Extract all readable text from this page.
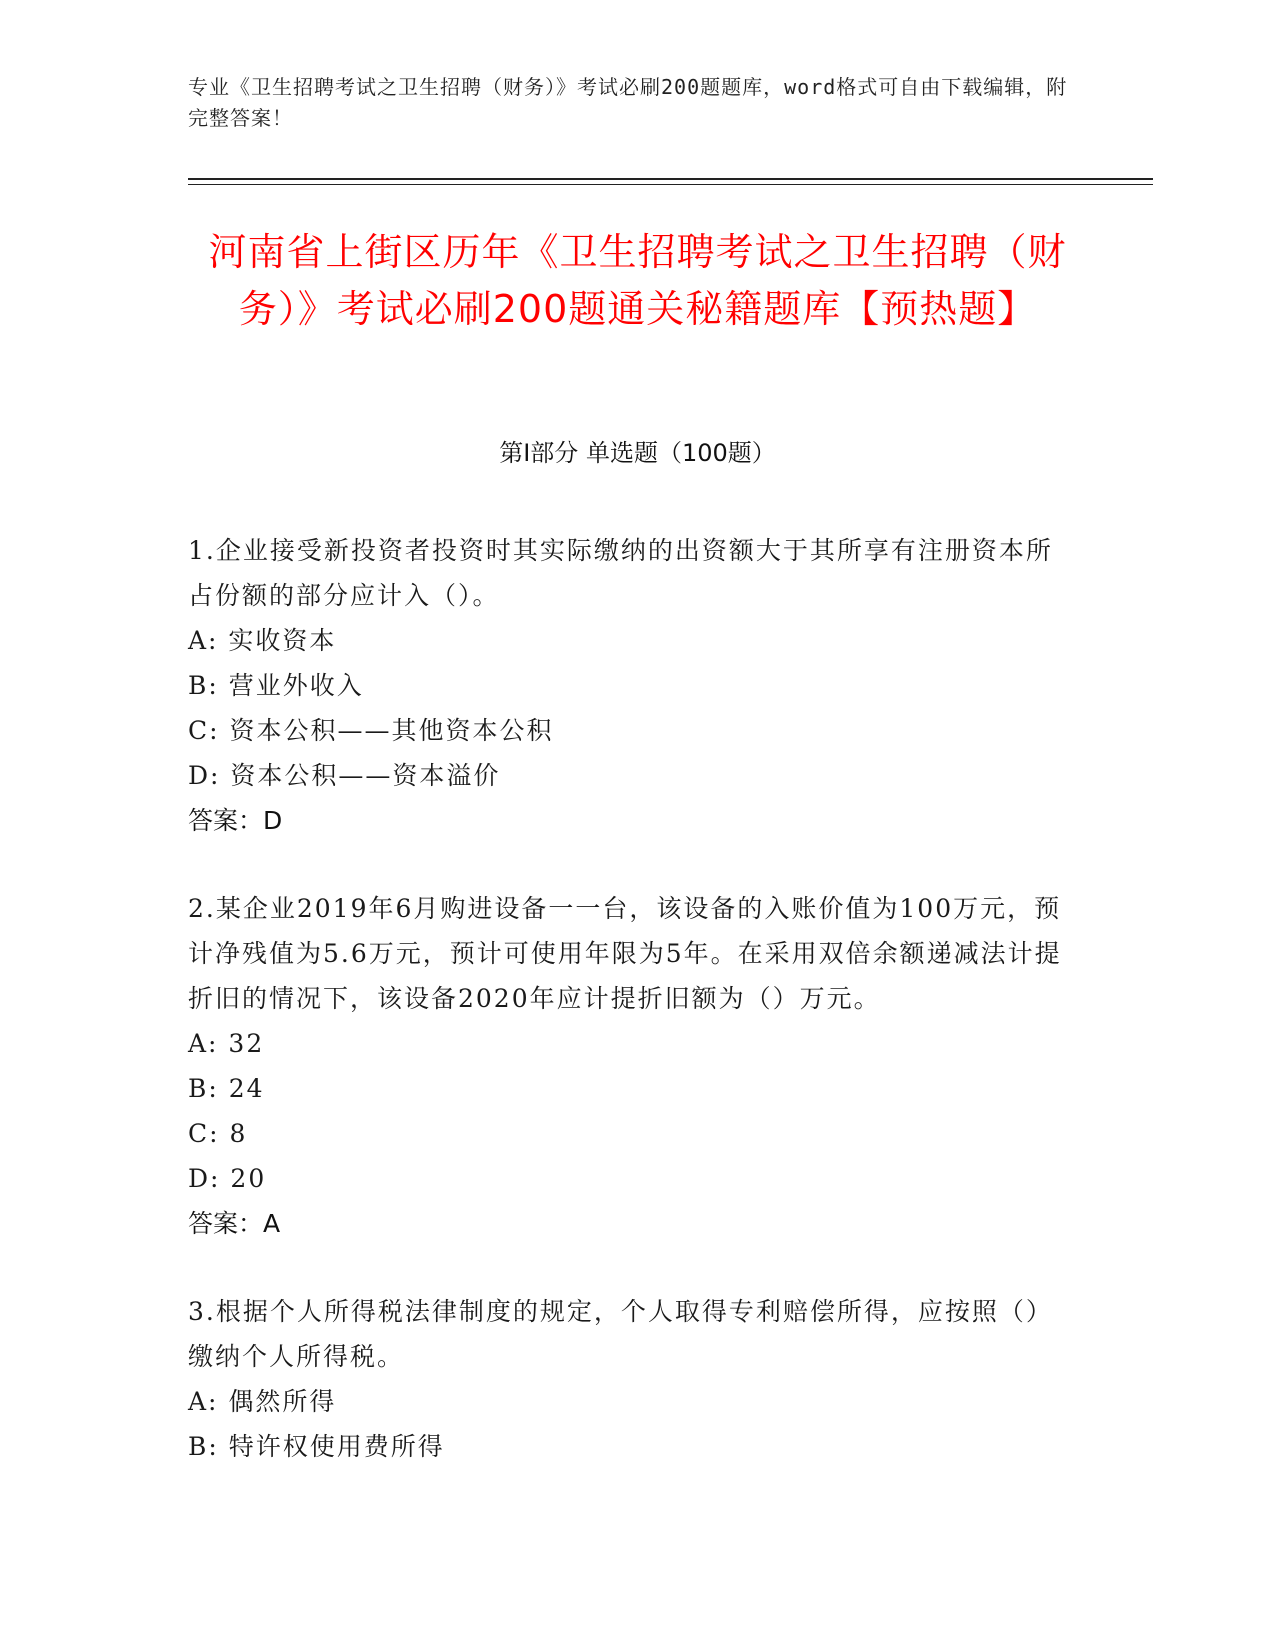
专业《卫生招聘考试之卫生招聘（财务）》考试必刷200题题库，word格式可自由下载编辑，附完整答案！
河南省上街区历年《卫生招聘考试之卫生招聘（财务）》考试必刷200题通关秘籍题库【预热题】
第I部分 单选题（100题）
1.企业接受新投资者投资时其实际缴纳的出资额大于其所享有注册资本所占份额的部分应计入（）。
A: 实收资本
B: 营业外收入
C: 资本公积——其他资本公积
D: 资本公积——资本溢价
答案：D
2.某企业2019年6月购进设备一一台，该设备的入账价值为100万元，预计净残值为5.6万元，预计可使用年限为5年。在采用双倍余额递减法计提折旧的情况下，该设备2020年应计提折旧额为（）万元。
A: 32
B: 24
C: 8
D: 20
答案：A
3.根据个人所得税法律制度的规定，个人取得专利赔偿所得，应按照（）缴纳个人所得税。
A: 偶然所得
B: 特许权使用费所得
